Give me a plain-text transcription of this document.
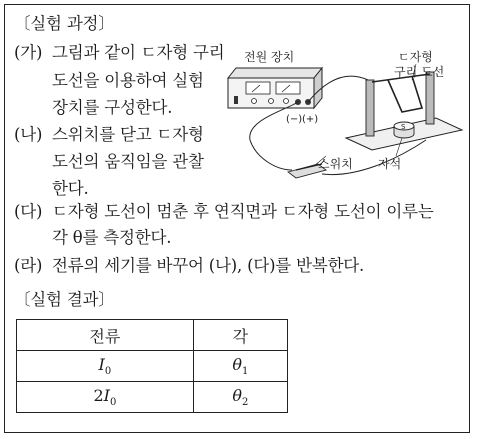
〔실험 과정〕
(가) 그림과 같이 ㄷ자형 구리
도선을 이용하여 실험
장치를 구성한다.
(나) 스위치를 닫고 ㄷ자형
도선의 움직임을 관찰
한다.
(다) ㄷ자형 도선이 멈춘 후 연직면과 ㄷ자형 도선이 이루는
각 θ를 측정한다.
(라) 전류의 세기를 바꾸어 (나), (다)를 반복한다.
〔실험 결과〕
S
전원 장치	ㄷ자형
구리 도선
(−) (+)
스위치 자석
전류	각
$I_0$	$\theta_1$
$2I_0$	$\theta_2$
